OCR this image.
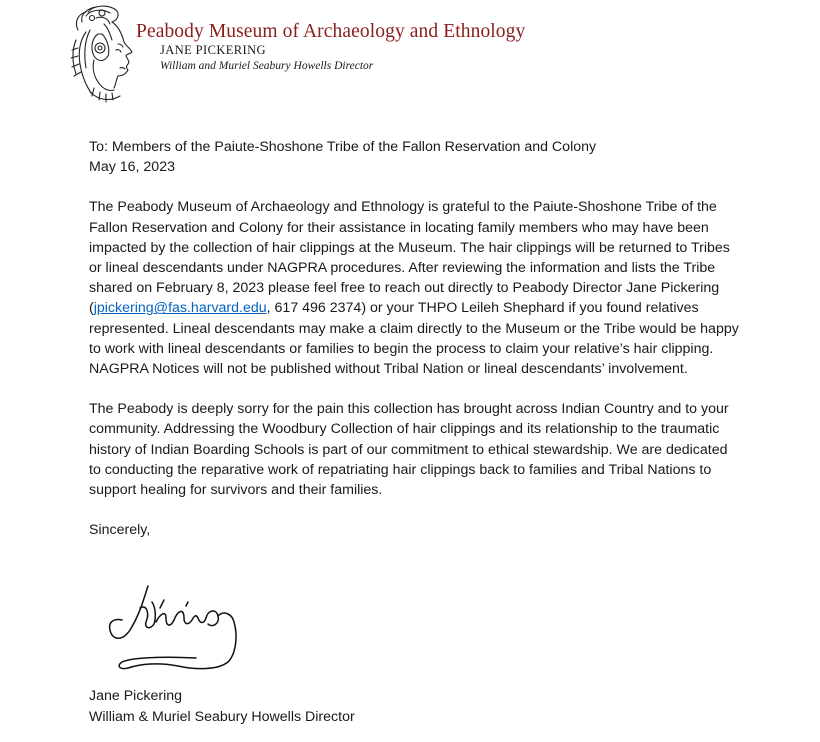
Peabody Museum of Archaeology and Ethnology
JANE PICKERING
William and Muriel Seabury Howells Director

To: Members of the Paiute-Shoshone Tribe of the Fallon Reservation and Colony

May 16, 2023

The Peabody Museum of Archaeology and Ethnology is grateful to the Paiute-Shoshone Tribe of the Fallon Reservation and Colony for their assistance in locating family members who may have been impacted by the collection of hair clippings at the Museum. The hair clippings will be returned to Tribes or lineal descendants under NAGPRA procedures. After reviewing the information and lists the Tribe shared on February 8, 2023 please feel free to reach out directly to Peabody Director Jane Pickering (jpickering@fas.harvard.edu, 617 496 2374) or your THPO Leileh Shephard if you found relatives represented. Lineal descendants may make a claim directly to the Museum or the Tribe would be happy to work with lineal descendants or families to begin the process to claim your relative’s hair clipping. NAGPRA Notices will not be published without Tribal Nation or lineal descendants’ involvement.

The Peabody is deeply sorry for the pain this collection has brought across Indian Country and to your community. Addressing the Woodbury Collection of hair clippings and its relationship to the traumatic history of Indian Boarding Schools is part of our commitment to ethical stewardship. We are dedicated to conducting the reparative work of repatriating hair clippings back to families and Tribal Nations to support healing for survivors and their families.

Sincerely,

Jane Pickering
William & Muriel Seabury Howells Director
